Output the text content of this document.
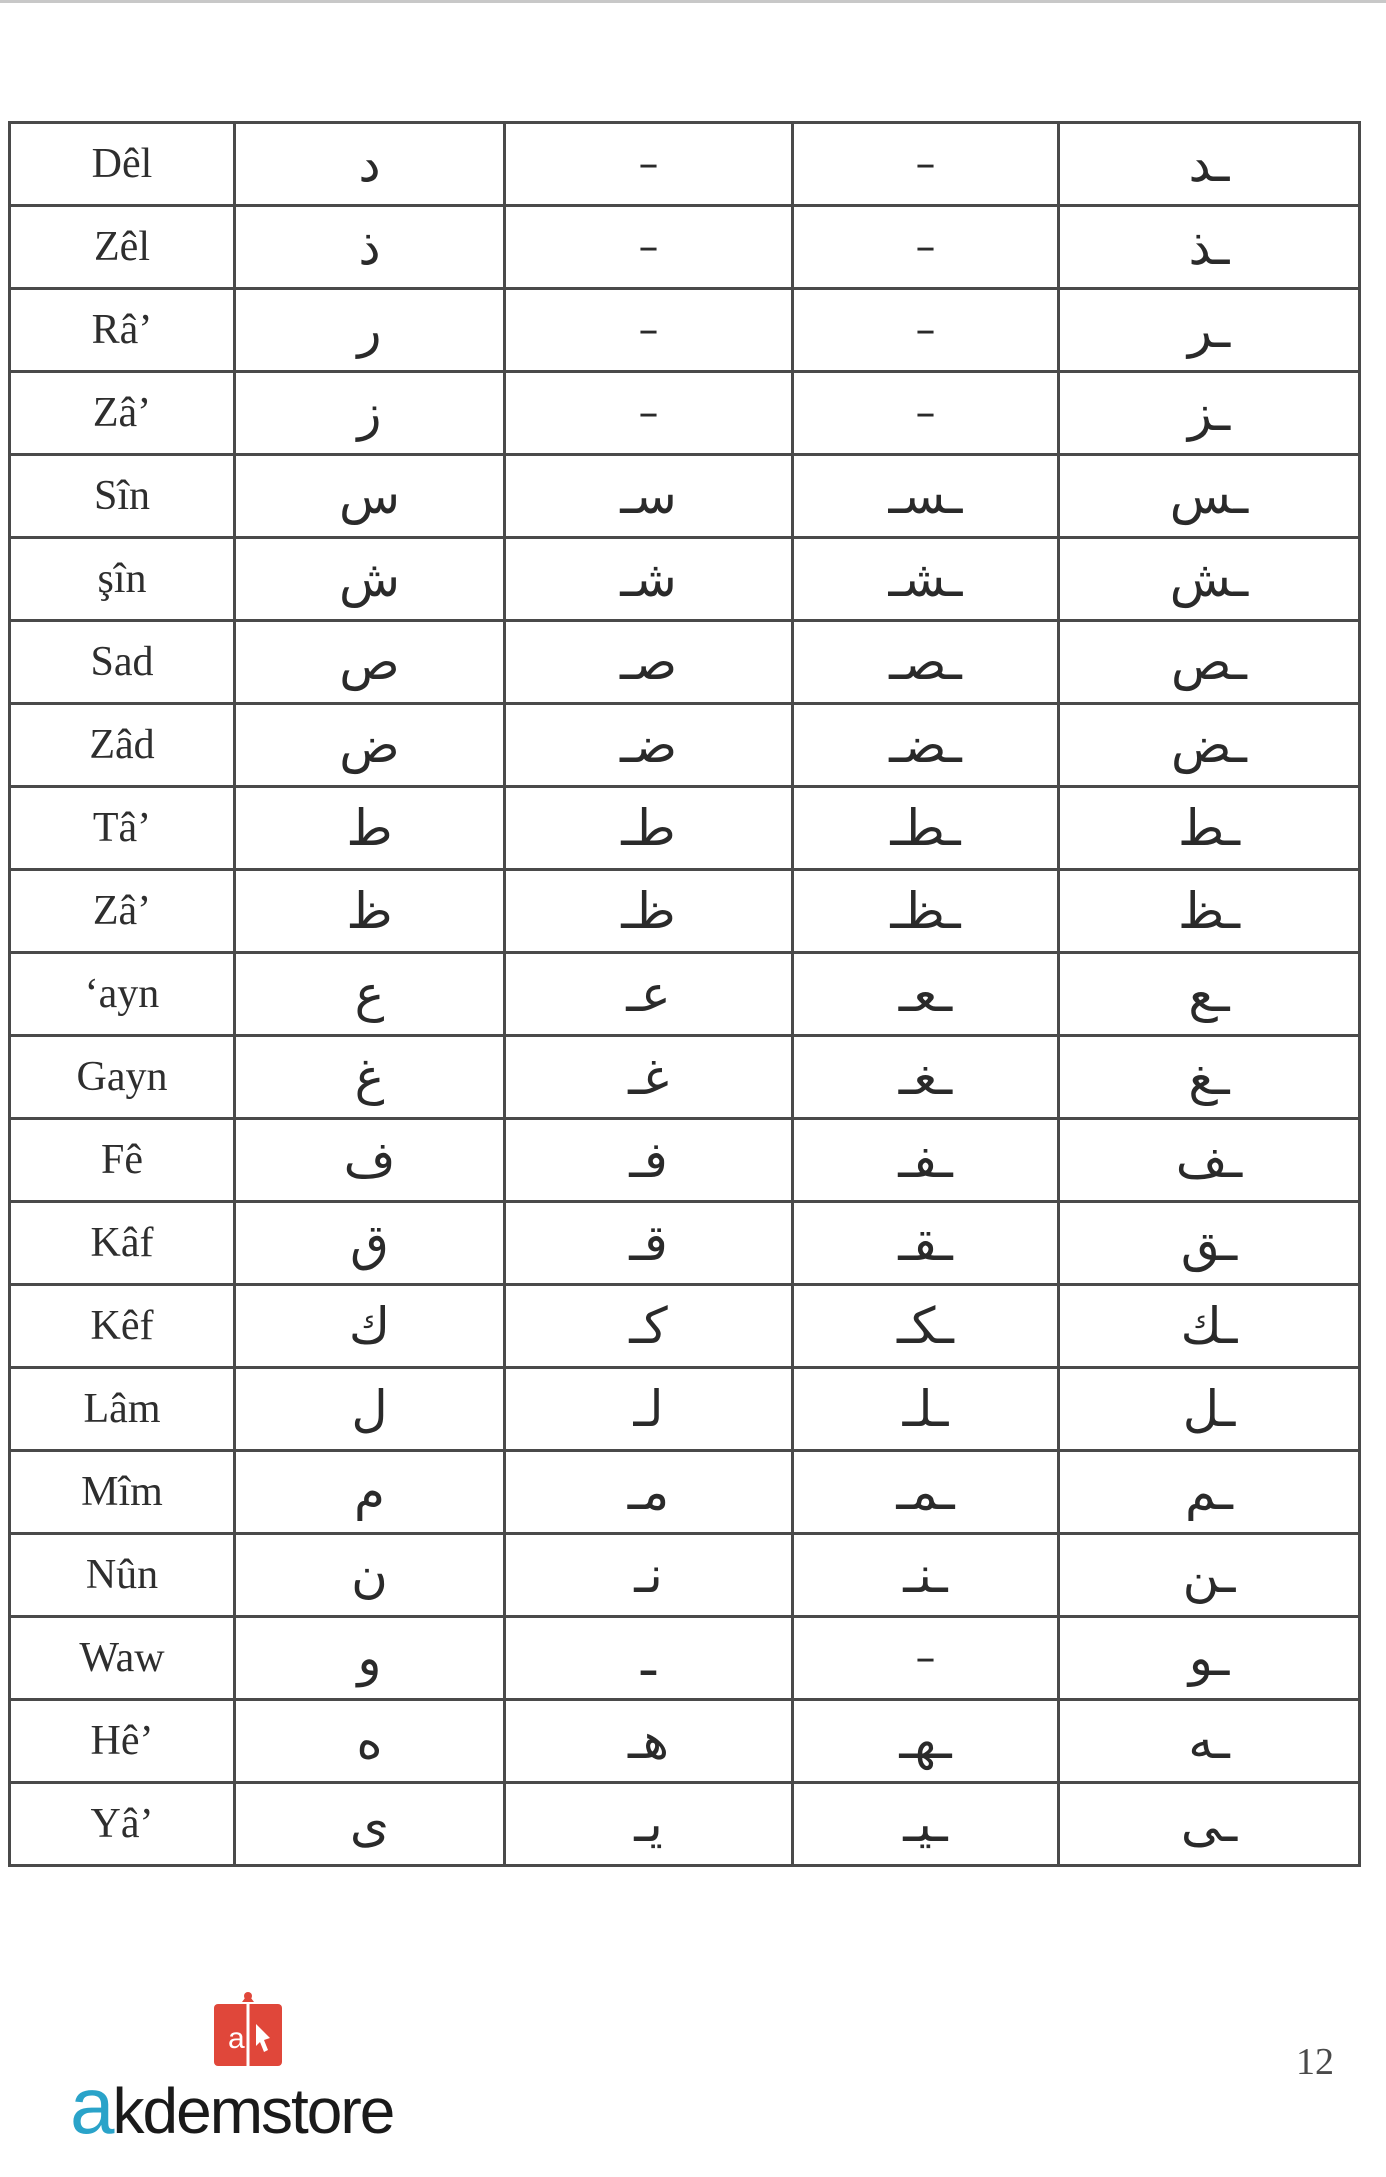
Dêl	د	–	–	ـد
Zêl	ذ	–	–	ـذ
Râ’	ر	–	–	ـر
Zâ’	ز	–	–	ـز
Sîn	س	سـ	ـسـ	ـس
şîn	ش	شـ	ـشـ	ـش
Sad	ص	صـ	ـصـ	ـص
Zâd	ض	ضـ	ـضـ	ـض
Tâ’	ط	طـ	ـطـ	ـط
Zâ’	ظ	ظـ	ـظـ	ـظ
‘ayn	ع	عـ	ـعـ	ـع
Gayn	غ	غـ	ـغـ	ـغ
Fê	ف	فـ	ـفـ	ـف
Kâf	ق	قـ	ـقـ	ـق
Kêf	ك	كـ	ـكـ	ـك
Lâm	ل	لـ	ـلـ	ـل
Mîm	م	مـ	ـمـ	ـم
Nûn	ن	نـ	ـنـ	ـن
Waw	و	ـ	–	ـو
Hê’	ه	هـ	ـهـ	ـه
Yâ’	ى	يـ	ـيـ	ـى
a
akdemstore
12
